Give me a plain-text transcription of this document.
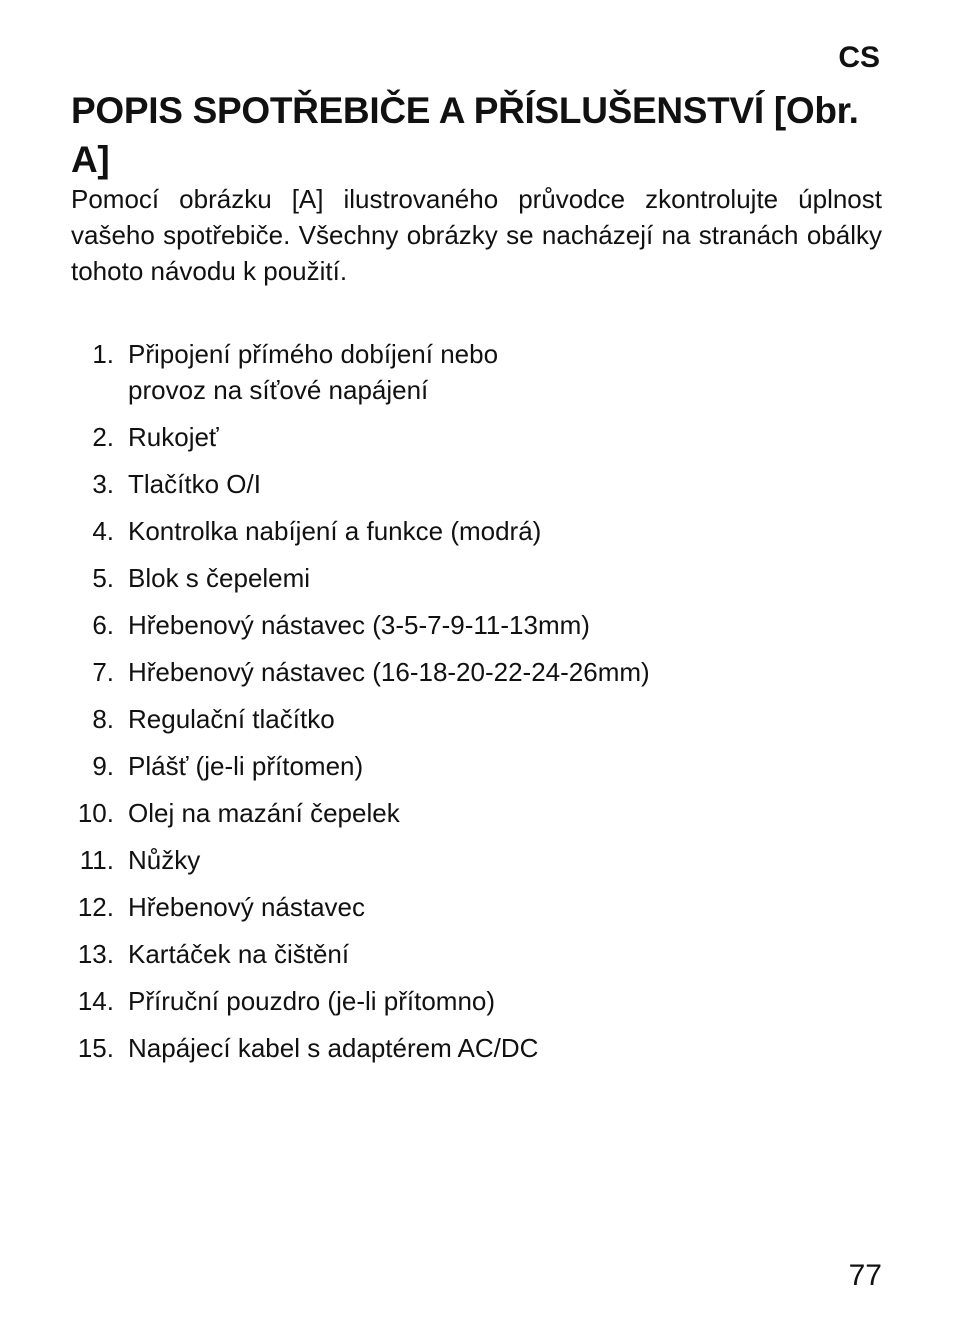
CS
POPIS SPOTŘEBIČE A PŘÍSLUŠENSTVÍ [Obr. A]

Pomocí obrázku [A] ilustrovaného průvodce zkontrolujte úplnost vašeho spotřebiče. Všechny obrázky se nacházejí na stranách obálky tohoto návodu k použití.

1. Připojení přímého dobíjení nebo
provoz na síťové napájení
2. Rukojeť
3. Tlačítko O/I
4. Kontrolka nabíjení a funkce (modrá)
5. Blok s čepelemi
6. Hřebenový nástavec (3-5-7-9-11-13mm)
7. Hřebenový nástavec (16-18-20-22-24-26mm)
8. Regulační tlačítko
9. Plášť (je-li přítomen)
10. Olej na mazání čepelek
11. Nůžky
12. Hřebenový nástavec
13. Kartáček na čištění
14. Příruční pouzdro (je-li přítomno)
15. Napájecí kabel s adaptérem AC/DC
77
